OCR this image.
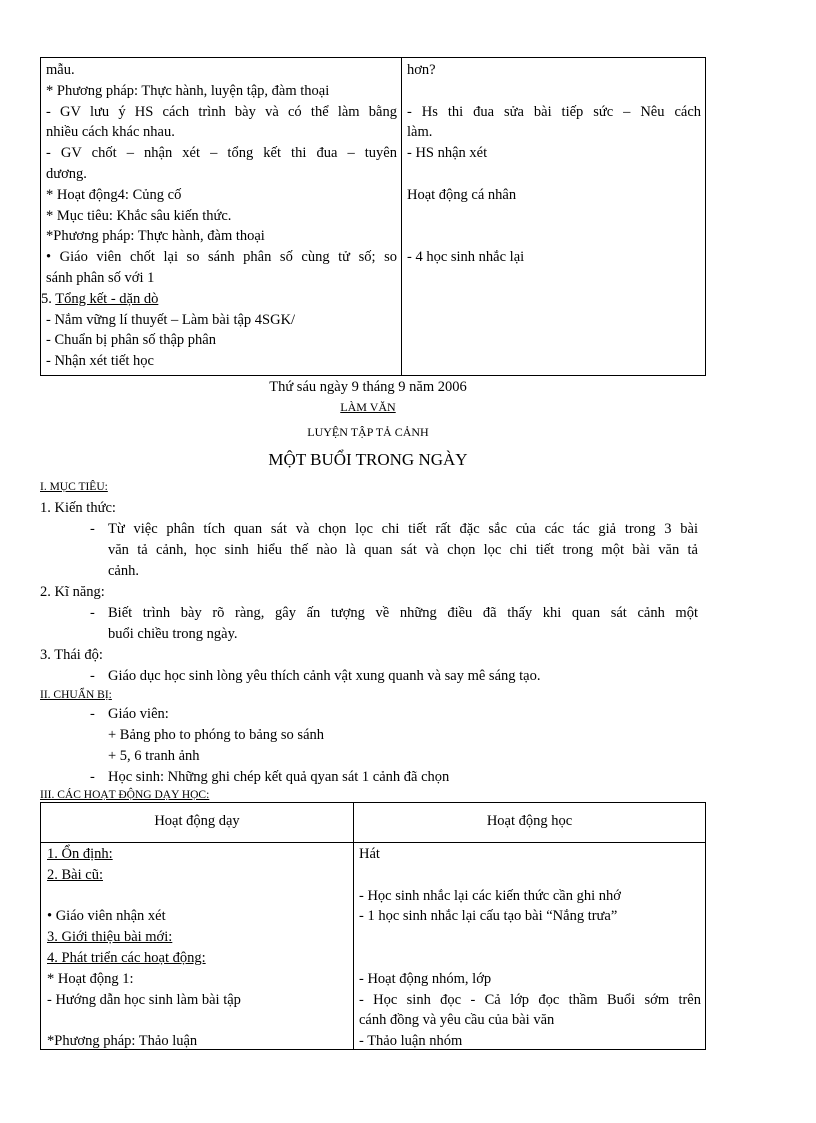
mẫu.
* Phương pháp: Thực hành, luyện tập, đàm thoại
- GV lưu ý HS cách trình bày và có thể làm bằng
nhiều cách khác nhau.
- GV chốt – nhận xét – tổng kết thi đua – tuyên
dương.
* Hoạt động4: Củng cố
* Mục tiêu: Khắc sâu kiến thức.
*Phương pháp: Thực hành, đàm thoại
• Giáo viên chốt lại so sánh phân số cùng tử số; so
sánh phân số với 1
5. Tổng kết - dặn dò
- Nắm vững lí thuyết – Làm bài tập 4SGK/
- Chuẩn bị phân số thập phân
- Nhận xét tiết học
hơn?
- Hs thi đua sửa bài tiếp sức – Nêu cách
làm.
- HS nhận xét
Hoạt động cá nhân
- 4 học sinh nhắc lại
Thứ sáu ngày 9 tháng 9 năm 2006
LÀM VĂN
LUYỆN TẬP TẢ CẢNH
MỘT BUỔI TRONG NGÀY
I. MỤC TIÊU:
1. Kiến thức:
- Từ việc phân tích quan sát và chọn lọc chi tiết rất đặc sắc của các tác giả trong 3 bài
văn tả cảnh, học sinh hiểu thế nào là quan sát và chọn lọc chi tiết trong một bài văn tả
cảnh.
2. Kĩ năng:
- Biết trình bày rõ ràng, gây ấn tượng về những điều đã thấy khi quan sát cảnh một
buổi chiều trong ngày.
3. Thái độ:
- Giáo dục học sinh lòng yêu thích cảnh vật xung quanh và say mê sáng tạo.
II. CHUẨN BỊ:
- Giáo viên:
+ Bảng pho to phóng to bảng so sánh
+ 5, 6 tranh ảnh
- Học sinh: Những ghi chép kết quả qyan sát 1 cảnh đã chọn
III. CÁC HOẠT ĐỘNG DẠY HỌC:
Hoạt động dạy	Hoạt động học
1. Ổn định:
2. Bài cũ:
• Giáo viên nhận xét
3. Giới thiệu bài mới:
4. Phát triển các hoạt động:
* Hoạt động 1:
- Hướng dẫn học sinh làm bài tập
*Phương pháp: Thảo luận
Hát
- Học sinh nhắc lại các kiến thức cần ghi nhớ
- 1 học sinh nhắc lại cấu tạo bài “Nắng trưa”
- Hoạt động nhóm, lớp
- Học sinh đọc - Cả lớp đọc thầm Buổi sớm trên
cánh đồng và yêu cầu của bài văn
- Thảo luận nhóm
